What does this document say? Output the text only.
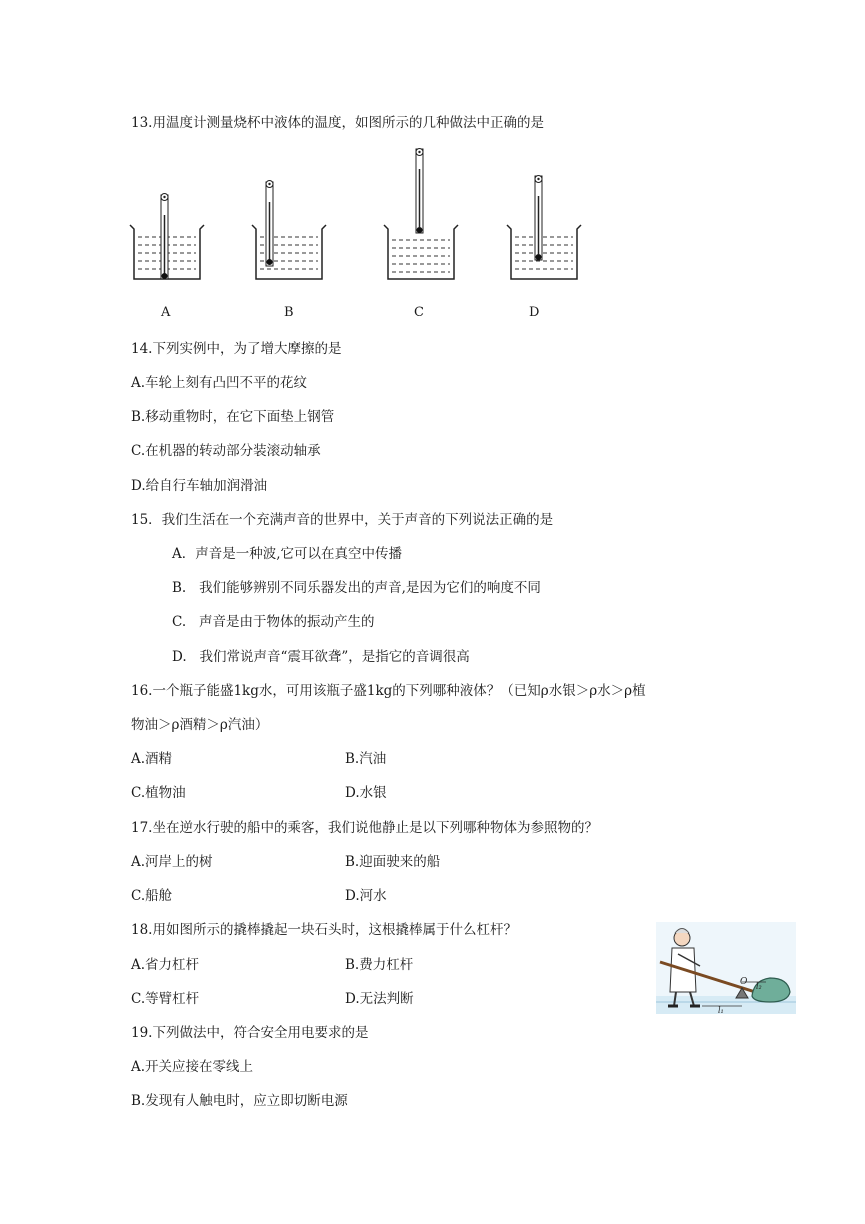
13.用温度计测量烧杯中液体的温度，如图所示的几种做法中正确的是
A	B	C	D
14.下列实例中，为了增大摩擦的是
A.车轮上刻有凸凹不平的花纹
B.移动重物时，在它下面垫上钢管
C.在机器的转动部分装滚动轴承
D.给自行车轴加润滑油
15．我们生活在一个充满声音的世界中，关于声音的下列说法正确的是
A．声音是一种波,它可以在真空中传播
B.   我们能够辨别不同乐器发出的声音,是因为它们的响度不同
C.   声音是由于物体的振动产生的
D.   我们常说声音“震耳欲聋”，是指它的音调很高
16.一个瓶子能盛1kg水，可用该瓶子盛1kg的下列哪种液体？（已知ρ水银＞ρ水＞ρ植
物油＞ρ酒精＞ρ汽油）
A.酒精	B.汽油
C.植物油	D.水银
17.坐在逆水行驶的船中的乘客，我们说他静止是以下列哪种物体为参照物的？
A.河岸上的树	B.迎面驶来的船
C.船舱	D.河水
18.用如图所示的撬棒撬起一块石头时，这根撬棒属于什么杠杆？
A.省力杠杆	B.费力杠杆
C.等臂杠杆	D.无法判断
O
l₁
l₂
19.下列做法中，符合安全用电要求的是
A.开关应接在零线上
B.发现有人触电时，应立即切断电源
